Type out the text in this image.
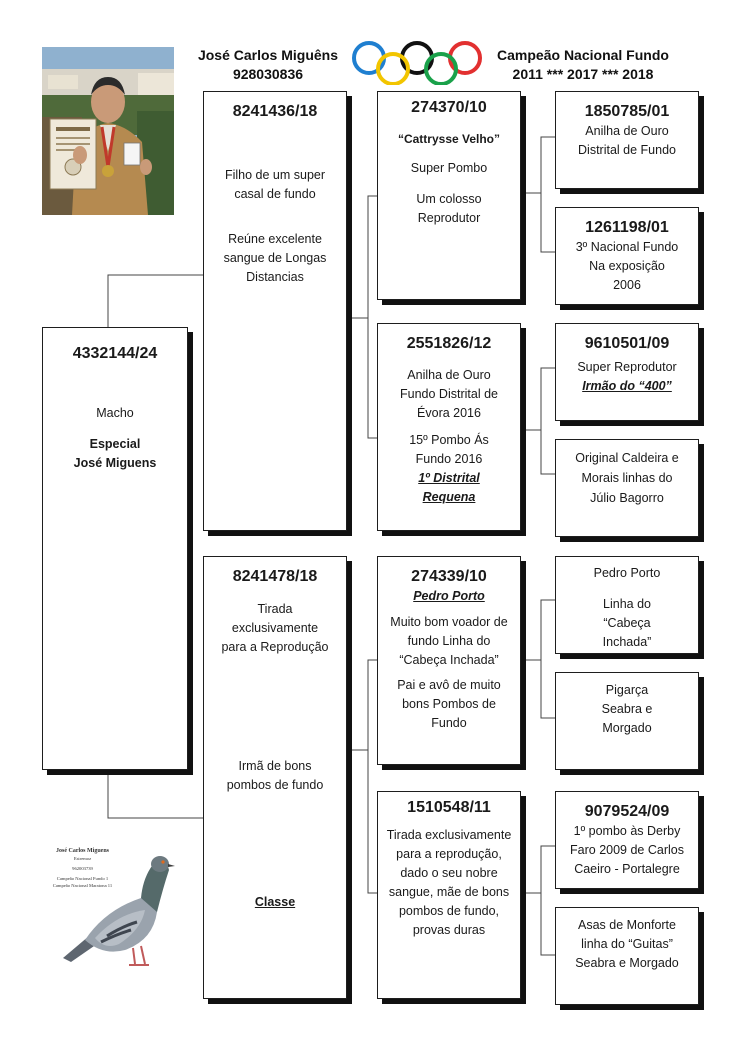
José Carlos Miguêns
928030836
Campeão Nacional Fundo
2011 *** 2017 *** 2018
4332144/24
Macho
Especial
José Miguens
8241436/18
Filho de um super casal de fundo
Reúne excelente sangue de Longas Distancias
8241478/18
Tirada exclusivamente para a Reprodução
Irmã de bons pombos de fundo
Classe
274370/10
“Cattrysse Velho”
Super Pombo
Um colosso Reprodutor
2551826/12
Anilha de Ouro Fundo Distrital de Évora 2016
15º Pombo Ás Fundo 2016
1º Distrital Requena
274339/10
Pedro Porto
Muito bom voador de fundo Linha do “Cabeça Inchada”
Pai e avô de muito bons Pombos de Fundo
1510548/11
Tirada exclusivamente para a reprodução, dado o seu nobre sangue, mãe de bons pombos de fundo, provas duras
1850785/01
Anilha de Ouro Distrital de Fundo
1261198/01
3º Nacional Fundo Na exposição 2006
9610501/09
Super Reprodutor
Irmão do “400”
Original Caldeira e Morais linhas do Júlio Bagorro
Pedro Porto
Linha do “Cabeça Inchada”
Pigarça Seabra e Morgado
9079524/09
1º pombo às Derby Faro 2009 de Carlos Caeiro - Portalegre
Asas de Monforte linha do “Guitas” Seabra e Morgado
José Carlos Miguens
Estremoz
962003739
Campeão Nacional Fundo 1
Campeão Nacional Maratona 11
